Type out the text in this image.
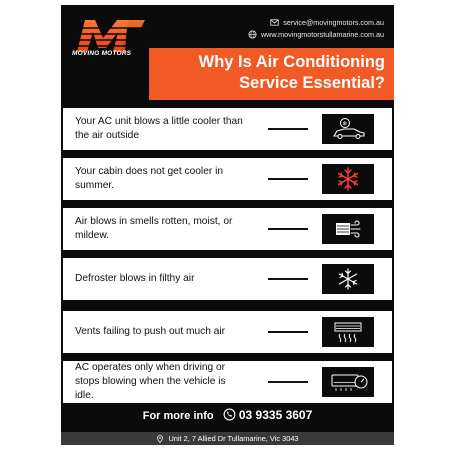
MOVING MOTORS
service@movingmotors.com.au
www.movingmotorstullamarine.com.au
Why Is Air Conditioning
Service Essential?
Your AC unit blows a little cooler than the air outside
❄
Your cabin does not get cooler in summer.
Air blows in smells rotten, moist, or mildew.
Defroster blows in filthy air
Vents failing to push out much air
AC operates only when driving or stops blowing when the vehicle is idle.
For more info 03 9335 3607
Unit 2, 7 Allied Dr Tullamarine, Vic 3043
